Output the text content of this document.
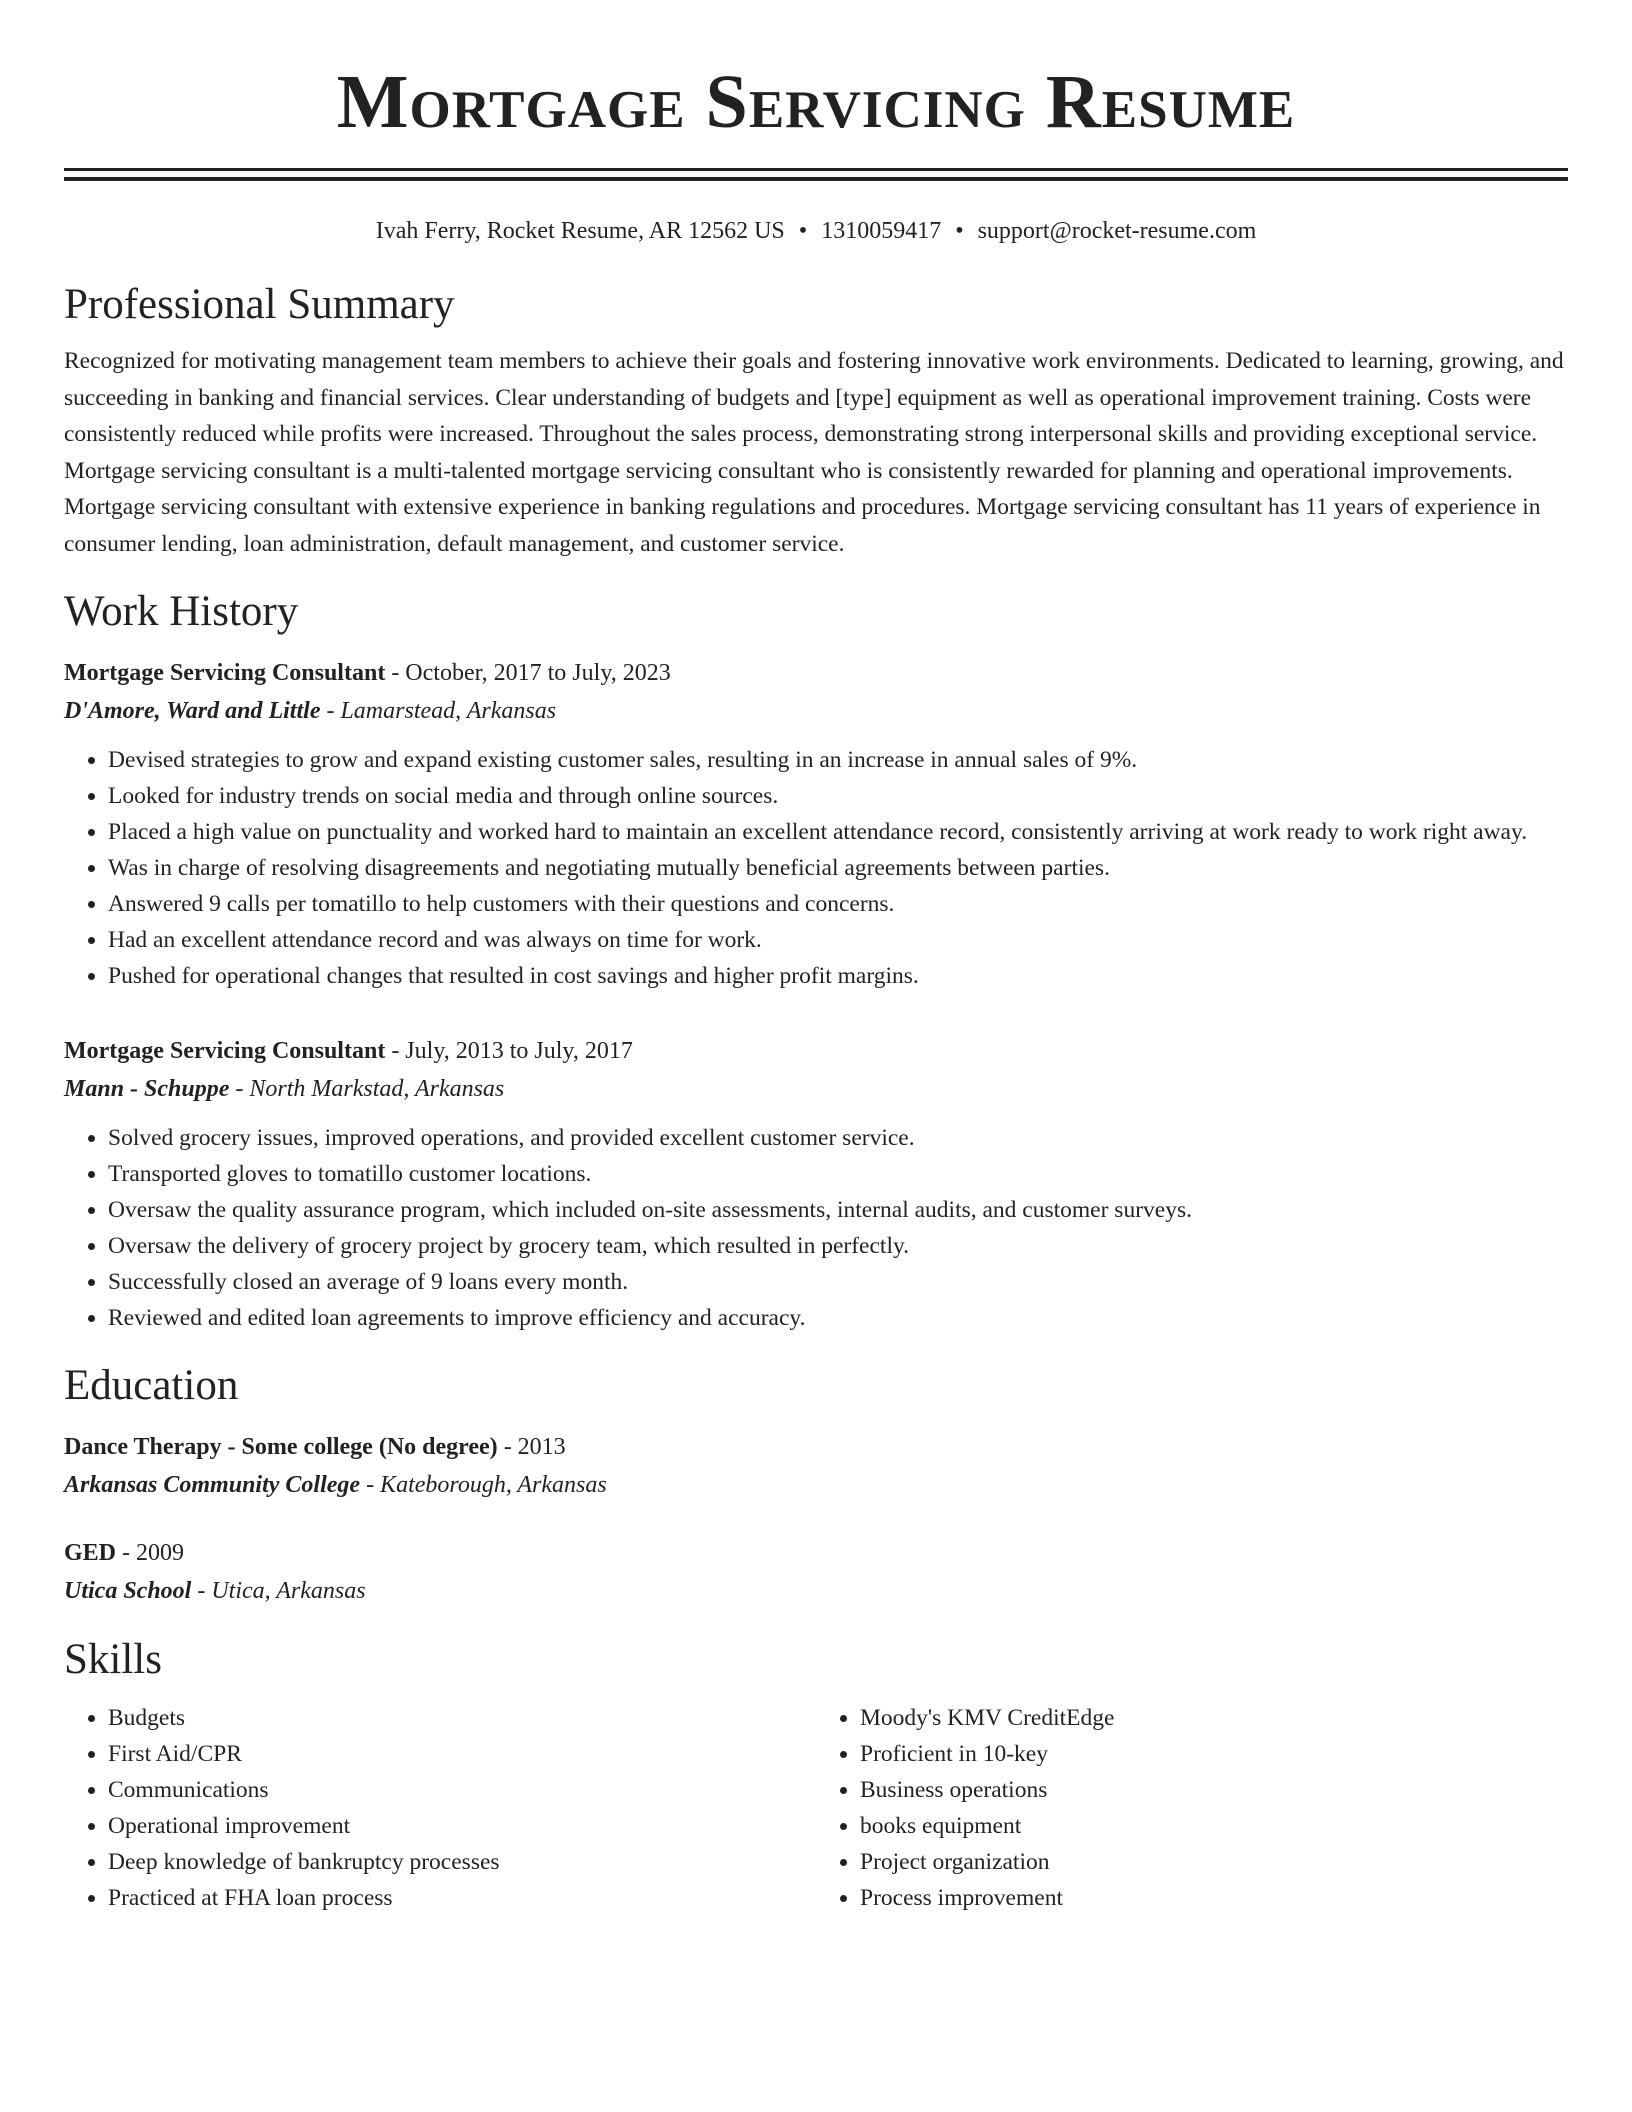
Mortgage Servicing Resume
Ivah Ferry, Rocket Resume, AR 12562 US • 1310059417 • support@rocket-resume.com
Professional Summary

Recognized for motivating management team members to achieve their goals and fostering innovative work environments. Dedicated to learning, growing, and succeeding in banking and financial services. Clear understanding of budgets and [type] equipment as well as operational improvement training. Costs were consistently reduced while profits were increased. Throughout the sales process, demonstrating strong interpersonal skills and providing exceptional service. Mortgage servicing consultant is a multi-talented mortgage servicing consultant who is consistently rewarded for planning and operational improvements. Mortgage servicing consultant with extensive experience in banking regulations and procedures. Mortgage servicing consultant has 11 years of experience in consumer lending, loan administration, default management, and customer service.

Work History
Mortgage Servicing Consultant - October, 2017 to July, 2023
D'Amore, Ward and Little - Lamarstead, Arkansas
• Devised strategies to grow and expand existing customer sales, resulting in an increase in annual sales of 9%.
• Looked for industry trends on social media and through online sources.
• Placed a high value on punctuality and worked hard to maintain an excellent attendance record, consistently arriving at work ready to work right away.
• Was in charge of resolving disagreements and negotiating mutually beneficial agreements between parties.
• Answered 9 calls per tomatillo to help customers with their questions and concerns.
• Had an excellent attendance record and was always on time for work.
• Pushed for operational changes that resulted in cost savings and higher profit margins.
Mortgage Servicing Consultant - July, 2013 to July, 2017
Mann - Schuppe - North Markstad, Arkansas
• Solved grocery issues, improved operations, and provided excellent customer service.
• Transported gloves to tomatillo customer locations.
• Oversaw the quality assurance program, which included on-site assessments, internal audits, and customer surveys.
• Oversaw the delivery of grocery project by grocery team, which resulted in perfectly.
• Successfully closed an average of 9 loans every month.
• Reviewed and edited loan agreements to improve efficiency and accuracy.
Education
Dance Therapy - Some college (No degree) - 2013
Arkansas Community College - Kateborough, Arkansas
GED - 2009
Utica School - Utica, Arkansas
Skills
• Budgets
• First Aid/CPR
• Communications
• Operational improvement
• Deep knowledge of bankruptcy processes
• Practiced at FHA loan process
• Moody's KMV CreditEdge
• Proficient in 10-key
• Business operations
• books equipment
• Project organization
• Process improvement
